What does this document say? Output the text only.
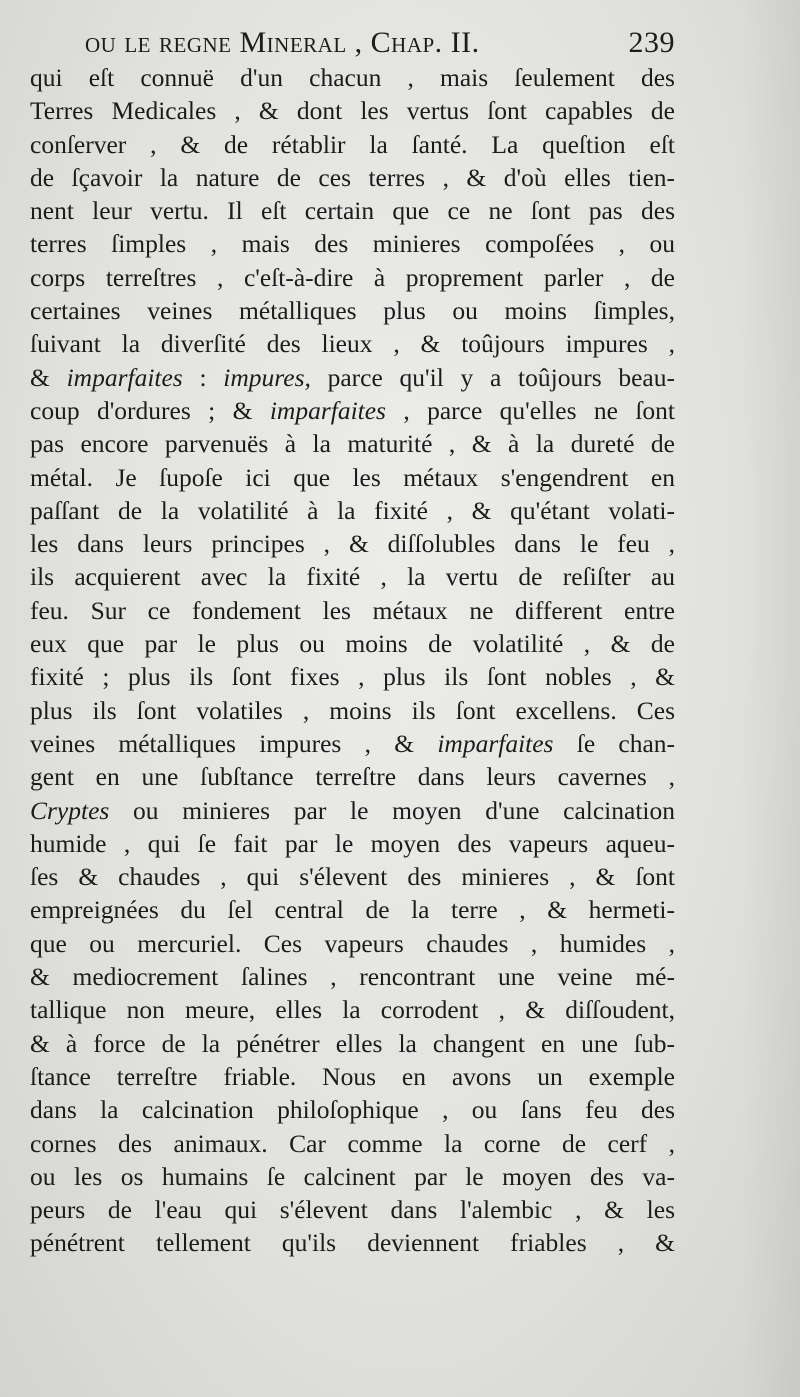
ou le regne Mineral , Chap. II.	239
qui eſt connuë d'un chacun , mais ſeulement des
Terres Medicales , & dont les vertus ſont capables de
conſerver , & de rétablir la ſanté. La queſtion eſt
de ſçavoir la nature de ces terres , & d'où elles tien-
nent leur vertu. Il eſt certain que ce ne ſont pas des
terres ſimples , mais des minieres compoſées , ou
corps terreſtres , c'eſt-à-dire à proprement parler , de
certaines veines métalliques plus ou moins ſimples,
ſuivant la diverſité des lieux , & toûjours impures ,
& imparfaites : impures, parce qu'il y a toûjours beau-
coup d'ordures ; & imparfaites , parce qu'elles ne ſont
pas encore parvenuës à la maturité , & à la dureté de
métal. Je ſupoſe ici que les métaux s'engendrent en
paſſant de la volatilité à la fixité , & qu'étant volati-
les dans leurs principes , & diſſolubles dans le feu ,
ils acquierent avec la fixité , la vertu de reſiſter au
feu. Sur ce fondement les métaux ne different entre
eux que par le plus ou moins de volatilité , & de
fixité ; plus ils ſont fixes , plus ils ſont nobles , &
plus ils ſont volatiles , moins ils ſont excellens. Ces
veines métalliques impures , & imparfaites ſe chan-
gent en une ſubſtance terreſtre dans leurs cavernes ,
Cryptes ou minieres par le moyen d'une calcination
humide , qui ſe fait par le moyen des vapeurs aqueu-
ſes & chaudes , qui s'élevent des minieres , & ſont
empreignées du ſel central de la terre , & hermeti-
que ou mercuriel. Ces vapeurs chaudes , humides ,
& mediocrement ſalines , rencontrant une veine mé-
tallique non meure, elles la corrodent , & diſſoudent,
& à force de la pénétrer elles la changent en une ſub-
ſtance terreſtre friable. Nous en avons un exemple
dans la calcination philoſophique , ou ſans feu des
cornes des animaux. Car comme la corne de cerf ,
ou les os humains ſe calcinent par le moyen des va-
peurs de l'eau qui s'élevent dans l'alembic , & les
pénétrent tellement qu'ils deviennent friables , &
